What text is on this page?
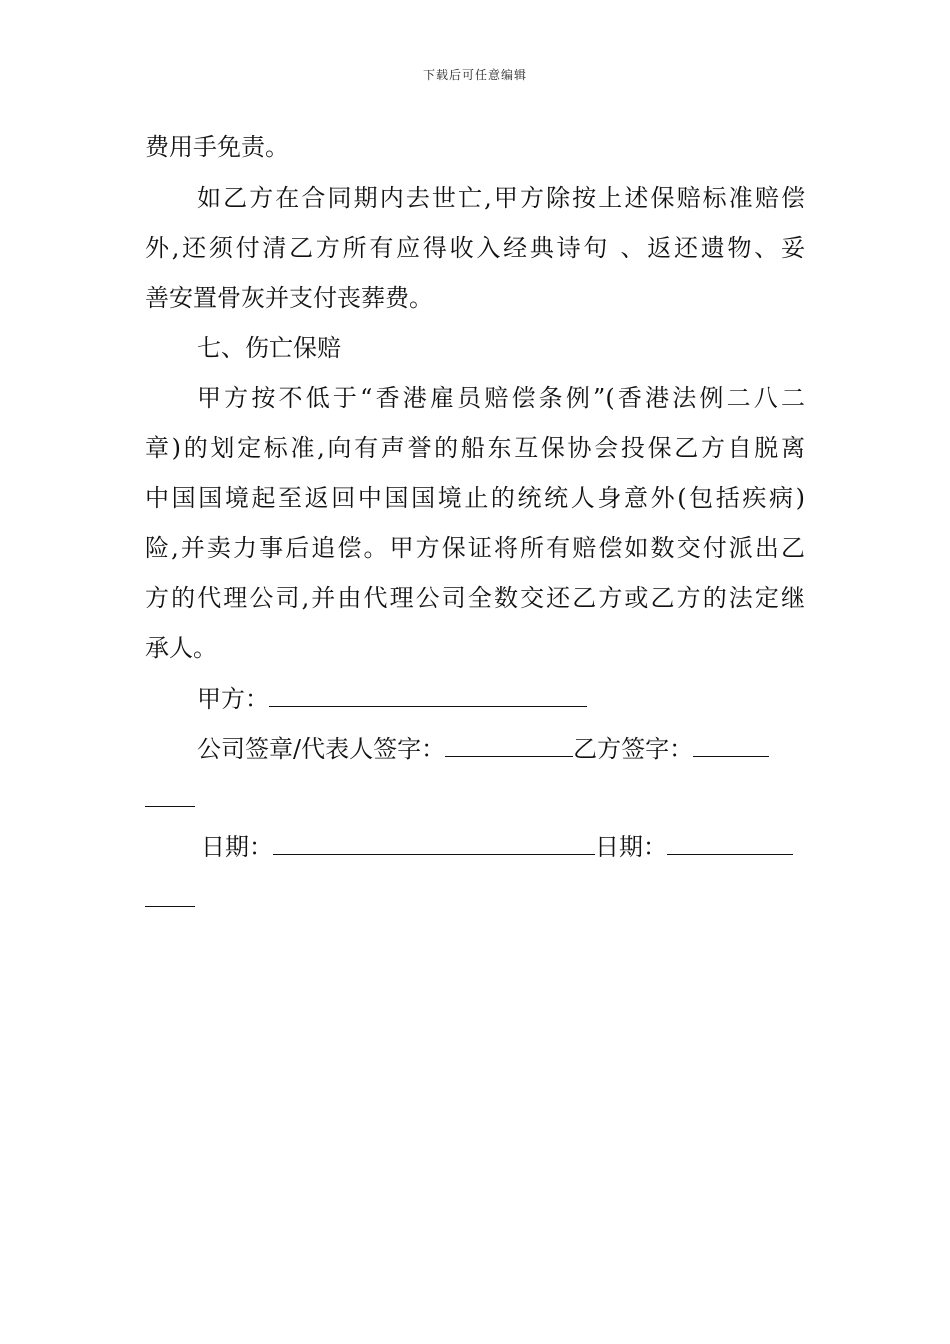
下载后可任意编辑
费用手免责。
如乙方在合同期内去世亡,甲方除按上述保赔标准赔偿
外,还须付清乙方所有应得收入经典诗句 、返还遗物、妥
善安置骨灰并支付丧葬费。
七、伤亡保赔
甲方按不低于“香港雇员赔偿条例”(香港法例二八二
章)的划定标准,向有声誉的船东互保协会投保乙方自脱离
中国国境起至返回中国国境止的统统人身意外(包括疾病)
险,并卖力事后追偿。甲方保证将所有赔偿如数交付派出乙
方的代理公司,并由代理公司全数交还乙方或乙方的法定继
承人。
甲方：
公司签章/代表人签字：	乙方签字：
日期：	日期：
